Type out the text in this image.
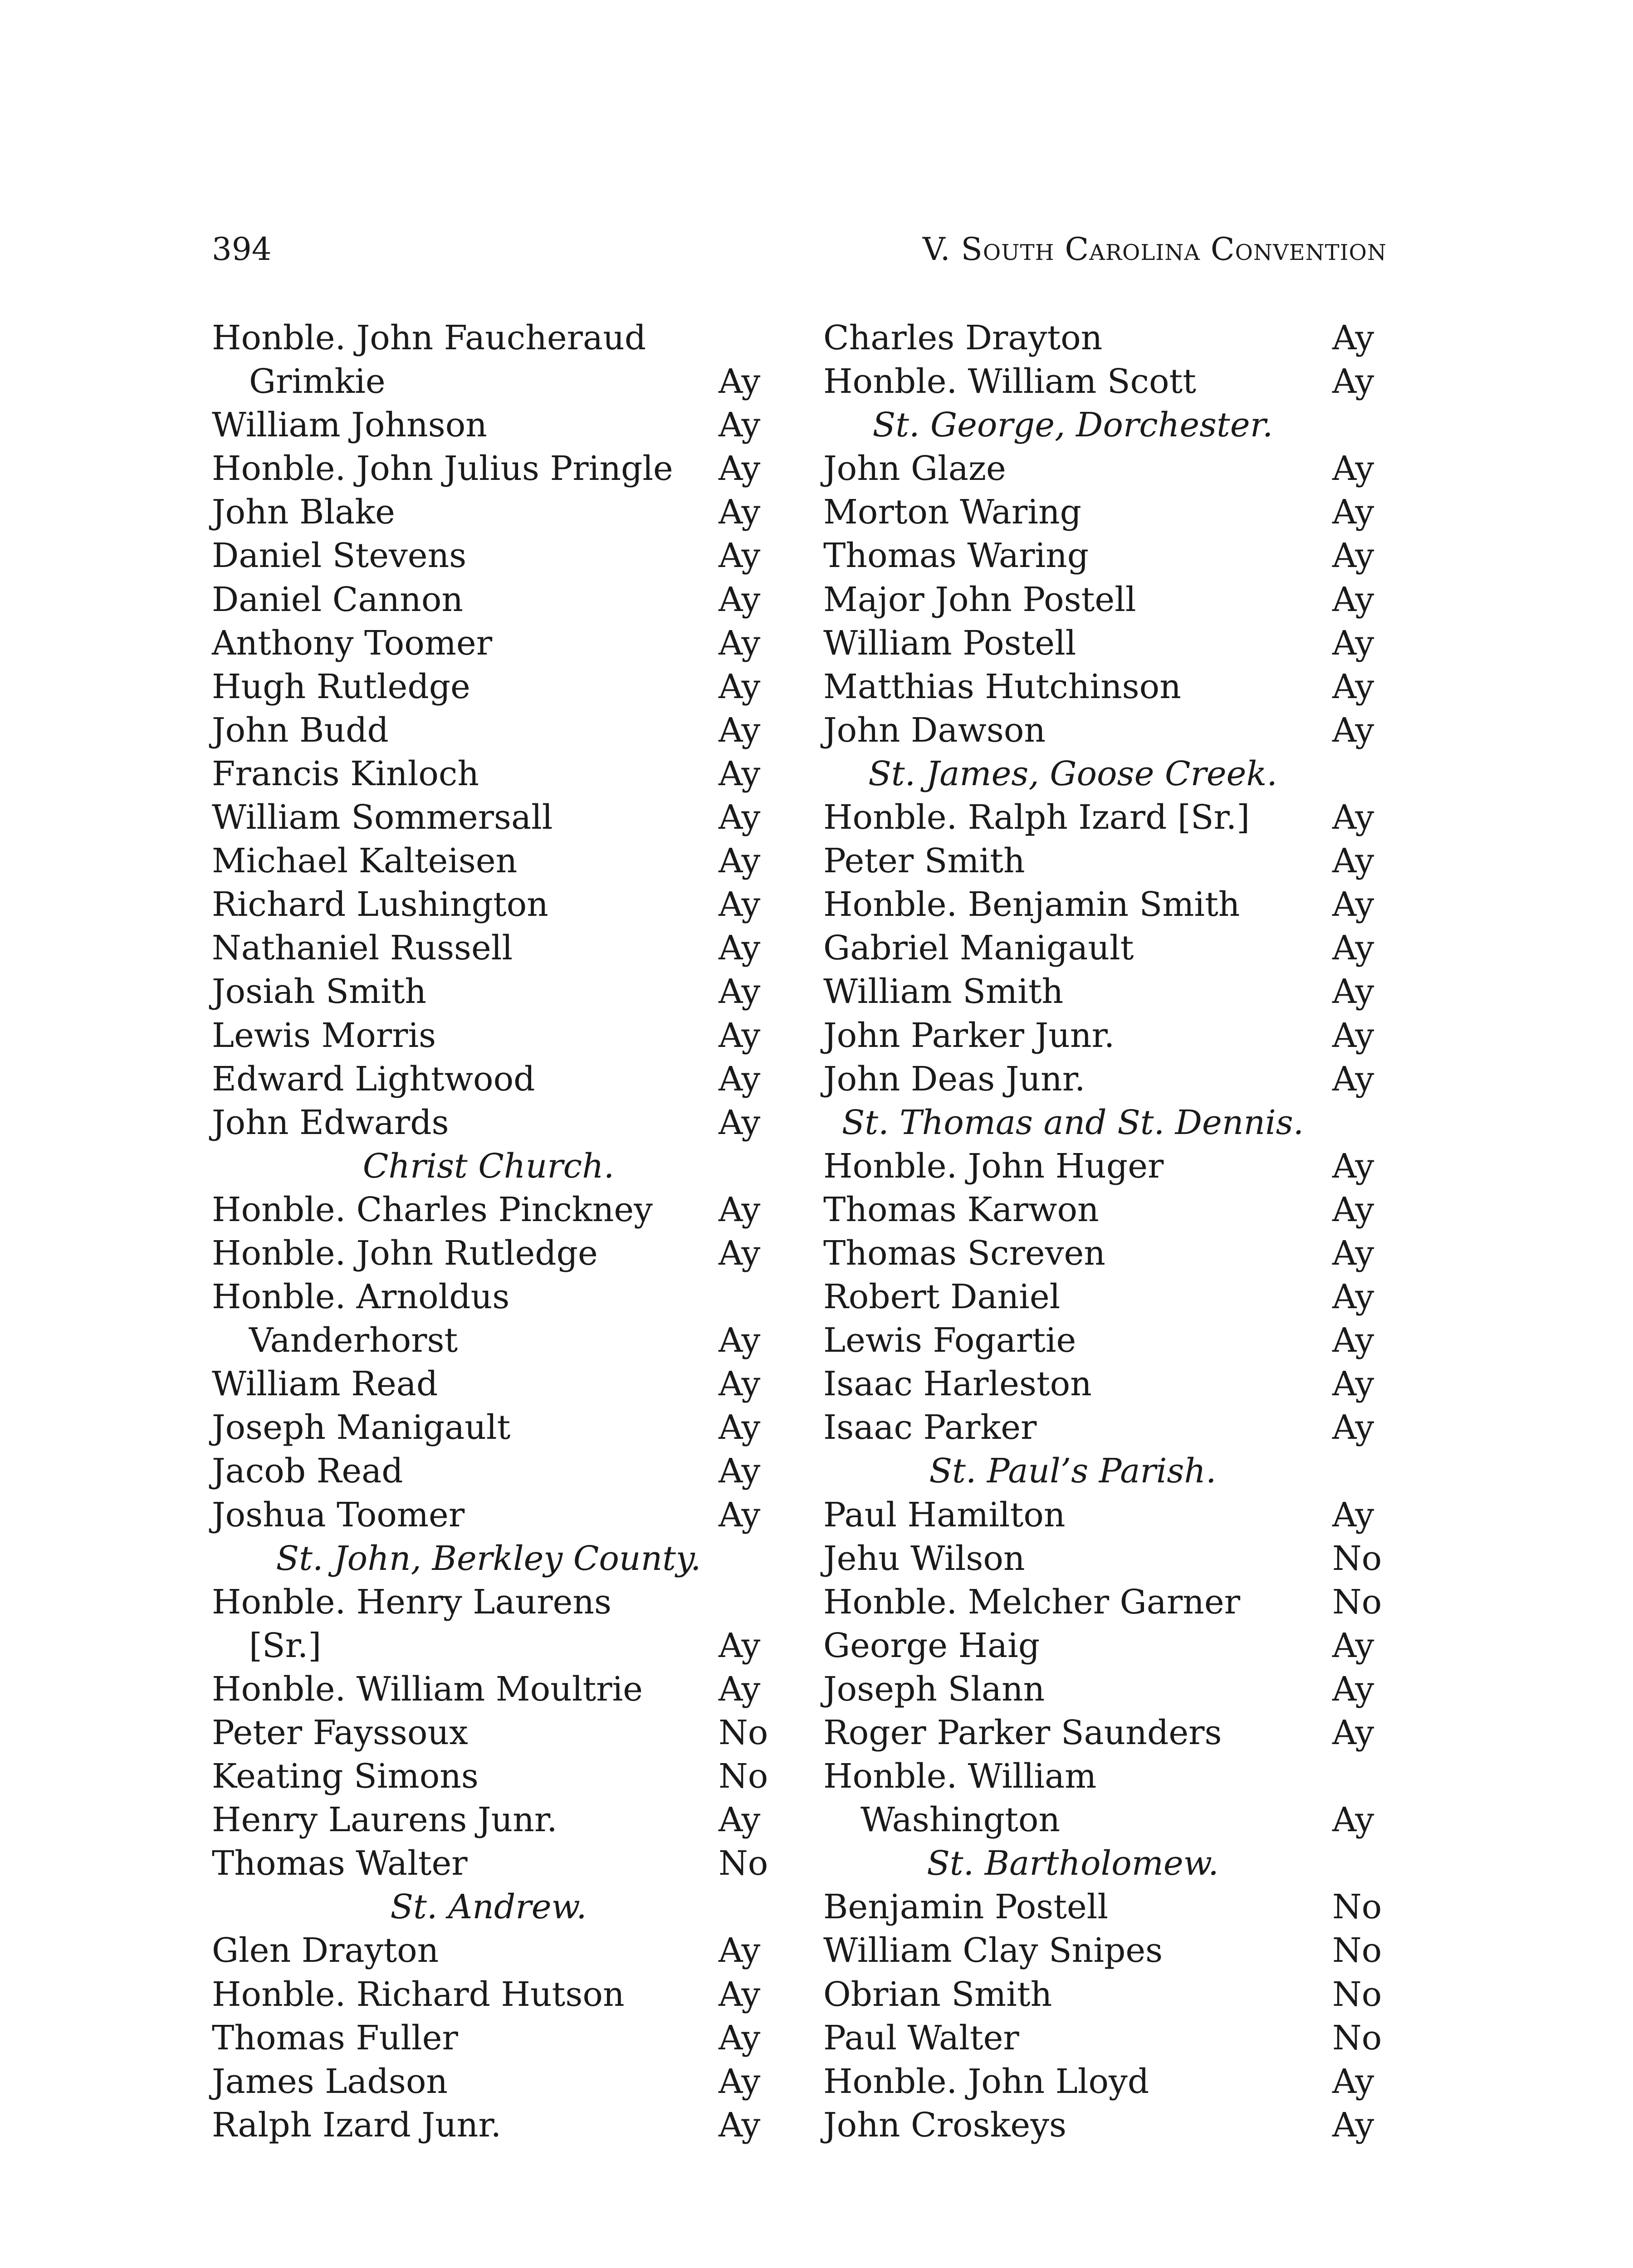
394	V. South Carolina Convention
Honble. John Faucheraud
Grimkie	Ay
William Johnson	Ay
Honble. John Julius Pringle Ay
John Blake	Ay
Daniel Stevens	Ay
Daniel Cannon	Ay
Anthony Toomer	Ay
Hugh Rutledge	Ay
John Budd	Ay
Francis Kinloch	Ay
William Sommersall	Ay
Michael Kalteisen	Ay
Richard Lushington	Ay
Nathaniel Russell	Ay
Josiah Smith	Ay
Lewis Morris	Ay
Edward Lightwood	Ay
John Edwards	Ay
Christ Church.
Honble. Charles Pinckney Ay
Honble. John Rutledge	Ay
Honble. Arnoldus
Vanderhorst	Ay
William Read	Ay
Joseph Manigault	Ay
Jacob Read	Ay
Joshua Toomer	Ay
St. John, Berkley County.
Honble. Henry Laurens
[Sr.]	Ay
Honble. William Moultrie Ay
Peter Fayssoux	No
Keating Simons	No
Henry Laurens Junr.	Ay
Thomas Walter	No
St. Andrew.
Glen Drayton	Ay
Honble. Richard Hutson	Ay
Thomas Fuller	Ay
James Ladson	Ay
Ralph Izard Junr.	Ay
Charles Drayton	Ay
Honble. William Scott	Ay
St. George, Dorchester.
John Glaze	Ay
Morton Waring	Ay
Thomas Waring	Ay
Major John Postell	Ay
William Postell	Ay
Matthias Hutchinson	Ay
John Dawson	Ay
St. James, Goose Creek.
Honble. Ralph Izard [Sr.] Ay
Peter Smith	Ay
Honble. Benjamin Smith	Ay
Gabriel Manigault	Ay
William Smith	Ay
John Parker Junr.	Ay
John Deas Junr.	Ay
St. Thomas and St. Dennis.
Honble. John Huger	Ay
Thomas Karwon	Ay
Thomas Screven	Ay
Robert Daniel	Ay
Lewis Fogartie	Ay
Isaac Harleston	Ay
Isaac Parker	Ay
St. Paul’s Parish.
Paul Hamilton	Ay
Jehu Wilson	No
Honble. Melcher Garner	No
George Haig	Ay
Joseph Slann	Ay
Roger Parker Saunders	Ay
Honble. William
Washington	Ay
St. Bartholomew.
Benjamin Postell	No
William Clay Snipes	No
Obrian Smith	No
Paul Walter	No
Honble. John Lloyd	Ay
John Croskeys	Ay
